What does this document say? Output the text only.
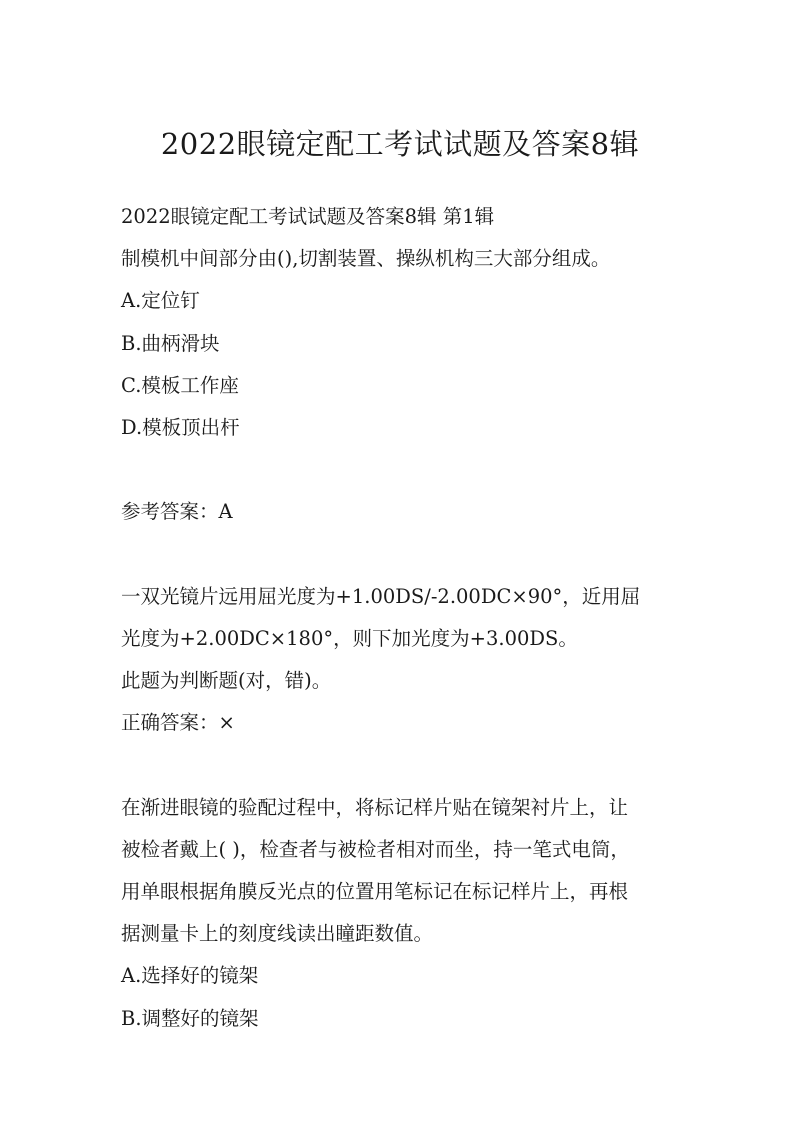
2022眼镜定配工考试试题及答案8辑
2022眼镜定配工考试试题及答案8辑 第1辑
制模机中间部分由(),切割装置、操纵机构三大部分组成。
A.定位钉
B.曲柄滑块
C.模板工作座
D.模板顶出杆
参考答案：A
一双光镜片远用屈光度为+1.00DS/-2.00DC×90°，近用屈
光度为+2.00DC×180°，则下加光度为+3.00DS。
此题为判断题(对，错)。
正确答案：×
在渐进眼镜的验配过程中，将标记样片贴在镜架衬片上，让
被检者戴上( )，检查者与被检者相对而坐，持一笔式电筒，
用单眼根据角膜反光点的位置用笔标记在标记样片上，再根
据测量卡上的刻度线读出瞳距数值。
A.选择好的镜架
B.调整好的镜架
